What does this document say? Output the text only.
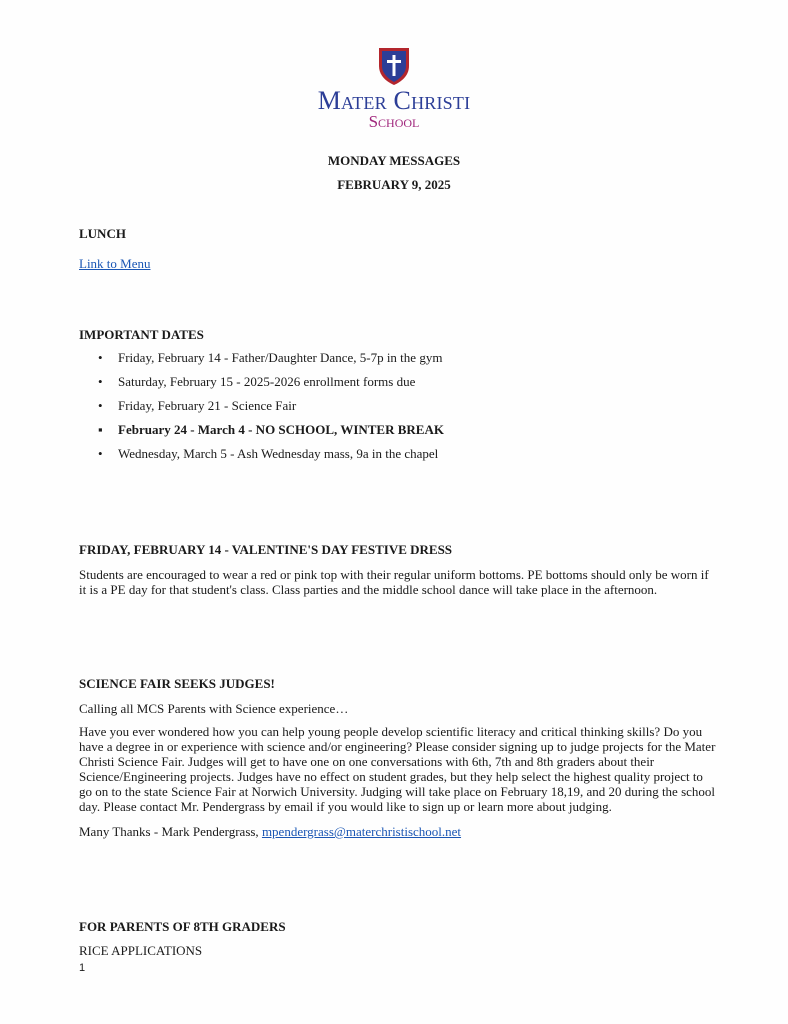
Mater Christi
School
MONDAY MESSAGES
FEBRUARY 9, 2025

LUNCH

Link to Menu

IMPORTANT DATES

• Friday, February 14 - Father/Daughter Dance, 5-7p in the gym
• Saturday, February 15 - 2025-2026 enrollment forms due
• Friday, February 21 - Science Fair
▪ February 24 - March 4 - NO SCHOOL, WINTER BREAK
• Wednesday, March 5 - Ash Wednesday mass, 9a in the chapel

FRIDAY, FEBRUARY 14 - VALENTINE'S DAY FESTIVE DRESS

Students are encouraged to wear a red or pink top with their regular uniform bottoms. PE bottoms should only be worn if it is a PE day for that student's class. Class parties and the middle school dance will take place in the afternoon.

SCIENCE FAIR SEEKS JUDGES!

Calling all MCS Parents with Science experience…

Have you ever wondered how you can help young people develop scientific literacy and critical thinking skills? Do you have a degree in or experience with science and/or engineering? Please consider signing up to judge projects for the Mater Christi Science Fair. Judges will get to have one on one conversations with 6th, 7th and 8th graders about their Science/Engineering projects. Judges have no effect on student grades, but they help select the highest quality project to go on to the state Science Fair at Norwich University. Judging will take place on February 18,19, and 20 during the school day. Please contact Mr. Pendergrass by email if you would like to sign up or learn more about judging.

Many Thanks - Mark Pendergrass, mpendergrass@materchristischool.net

FOR PARENTS OF 8TH GRADERS

RICE APPLICATIONS

1
